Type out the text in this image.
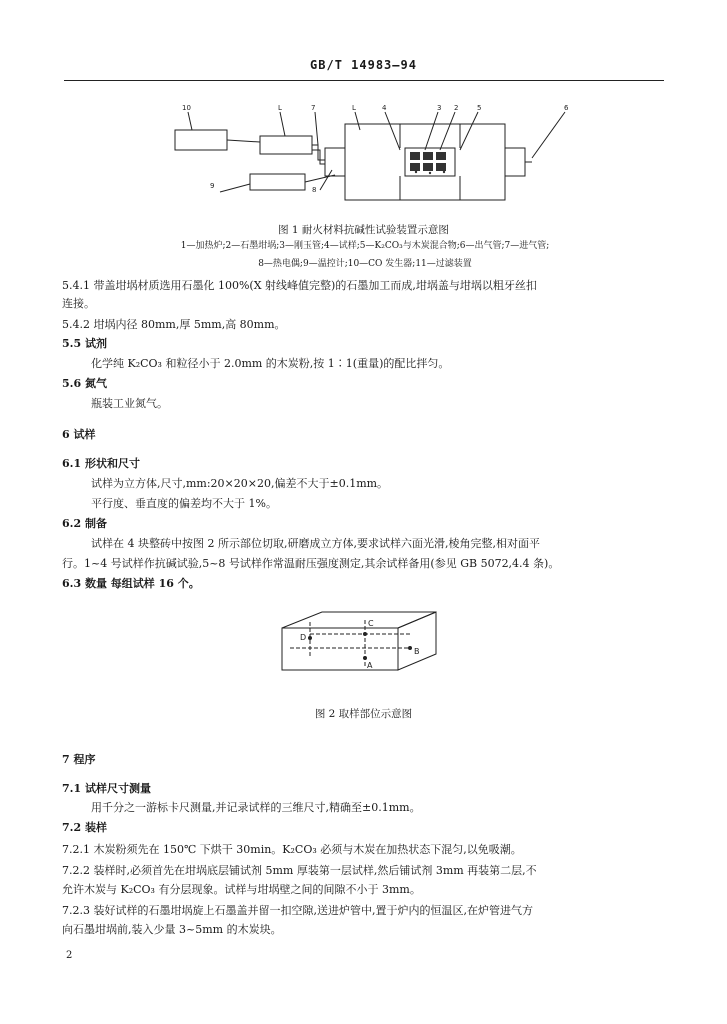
GB/T 14983—94
10	L	7	L	4	3 2	5	6
9	8
图 1 耐火材料抗碱性试验装置示意图
1—加热炉;2—石墨坩埚;3—刚玉管;4—试样;5—K₂CO₃与木炭混合物;6—出气管;7—进气管;
8—热电偶;9—温控计;10—CO 发生器;11—过滤装置
5.4.1 带盖坩埚材质选用石墨化 100%(X 射线峰值完整)的石墨加工而成,坩埚盖与坩埚以粗牙丝扣
连接。
5.4.2 坩埚内径 80mm,厚 5mm,高 80mm。
5.5 试剂
化学纯 K₂CO₃ 和粒径小于 2.0mm 的木炭粉,按 1∶1(重量)的配比拌匀。
5.6 氮气
瓶装工业氮气。
6 试样
6.1 形状和尺寸
试样为立方体,尺寸,mm:20×20×20,偏差不大于±0.1mm。
平行度、垂直度的偏差均不大于 1%。
6.2 制备
试样在 4 块整砖中按图 2 所示部位切取,研磨成立方体,要求试样六面光滑,棱角完整,相对面平
行。1~4 号试样作抗碱试验,5~8 号试样作常温耐压强度测定,其余试样备用(参见 GB 5072,4.4 条)。
6.3 数量 每组试样 16 个。
C
D
B
A
图 2 取样部位示意图
7 程序
7.1 试样尺寸测量
用千分之一游标卡尺测量,并记录试样的三维尺寸,精确至±0.1mm。
7.2 装样
7.2.1 木炭粉须先在 150℃ 下烘干 30min。K₂CO₃ 必须与木炭在加热状态下混匀,以免吸潮。
7.2.2 装样时,必须首先在坩埚底层铺试剂 5mm 厚装第一层试样,然后铺试剂 3mm 再装第二层,不
允许木炭与 K₂CO₃ 有分层现象。试样与坩埚壁之间的间隙不小于 3mm。
7.2.3 装好试样的石墨坩埚旋上石墨盖并留一扣空隙,送进炉管中,置于炉内的恒温区,在炉管进气方
向石墨坩埚前,装入少量 3~5mm 的木炭块。
2
